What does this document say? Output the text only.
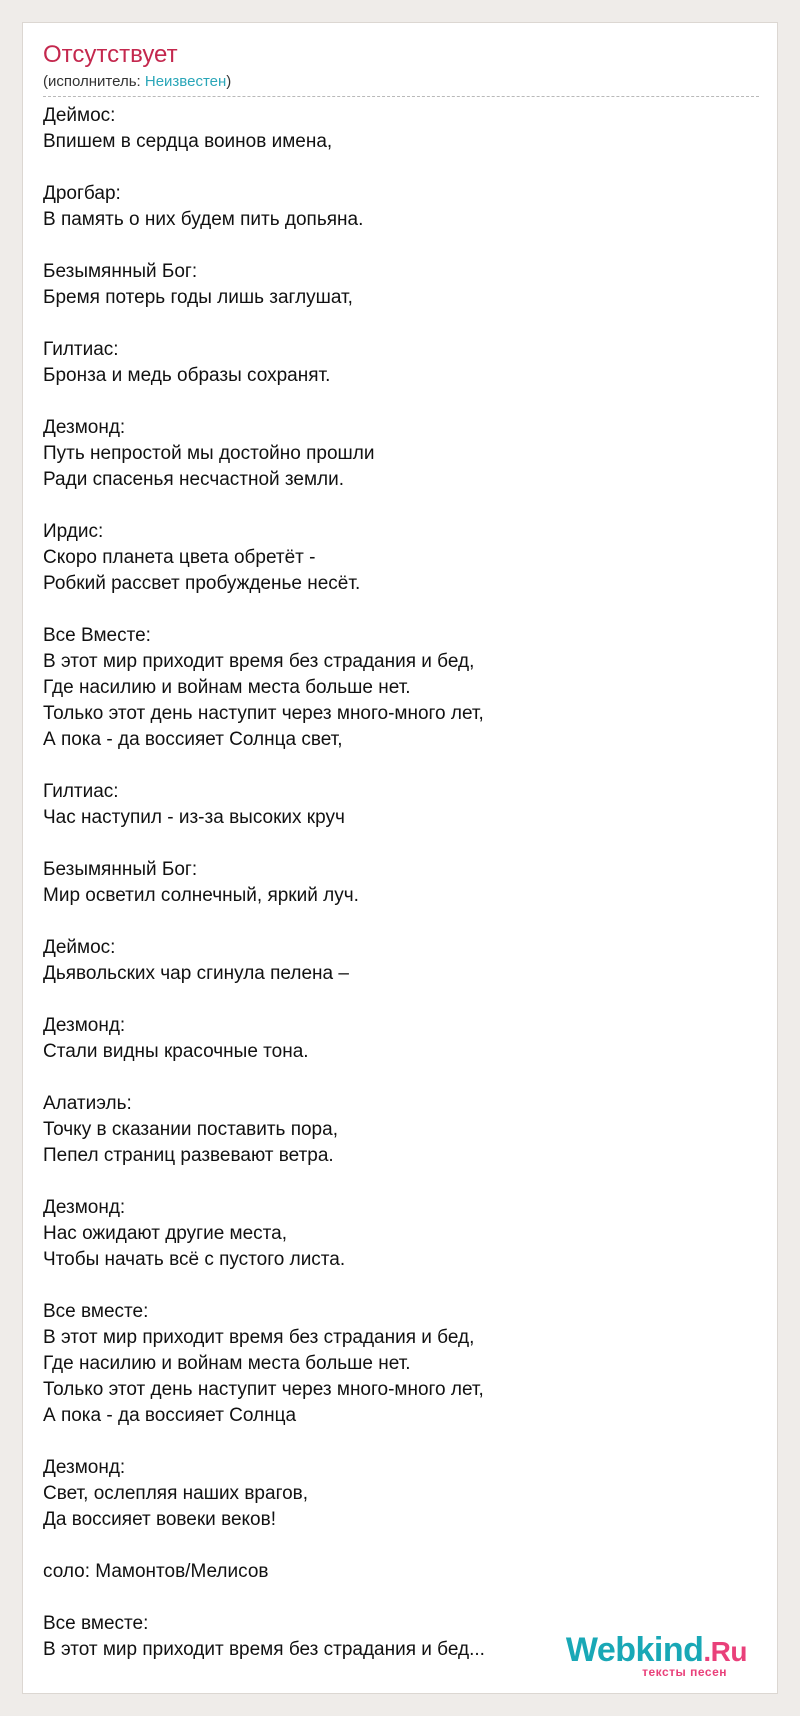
Отсутствует
(исполнитель: Неизвестен)
Деймос:
Впишем в сердца воинов имена,
Дрогбар:
В память о них будем пить допьяна.
Безымянный Бог:
Бремя потерь годы лишь заглушат,
Гилтиас:
Бронза и медь образы сохранят.
Дезмонд:
Путь непростой мы достойно прошли
Ради спасенья несчастной земли.
Ирдис:
Скоро планета цвета обретёт -
Робкий рассвет пробужденье несёт.
Все Вместе:
В этот мир приходит время без страдания и бед,
Где насилию и войнам места больше нет.
Только этот день наступит через много-много лет,
А пока - да воссияет Солнца свет,
Гилтиас:
Час наступил - из-за высоких круч
Безымянный Бог:
Мир осветил солнечный, яркий луч.
Деймос:
Дьявольских чар сгинула пелена –
Дезмонд:
Стали видны красочные тона.
Алатиэль:
Точку в сказании поставить пора,
Пепел страниц развевают ветра.
Дезмонд:
Нас ожидают другие места,
Чтобы начать всё с пустого листа.
Все вместе:
В этот мир приходит время без страдания и бед,
Где насилию и войнам места больше нет.
Только этот день наступит через много-много лет,
А пока - да воссияет Солнца
Дезмонд:
Свет, ослепляя наших врагов,
Да воссияет вовеки веков!
соло: Мамонтов/Мелисов
Все вместе:
В этот мир приходит время без страдания и бед...	Webkind.Ru
тексты песен
